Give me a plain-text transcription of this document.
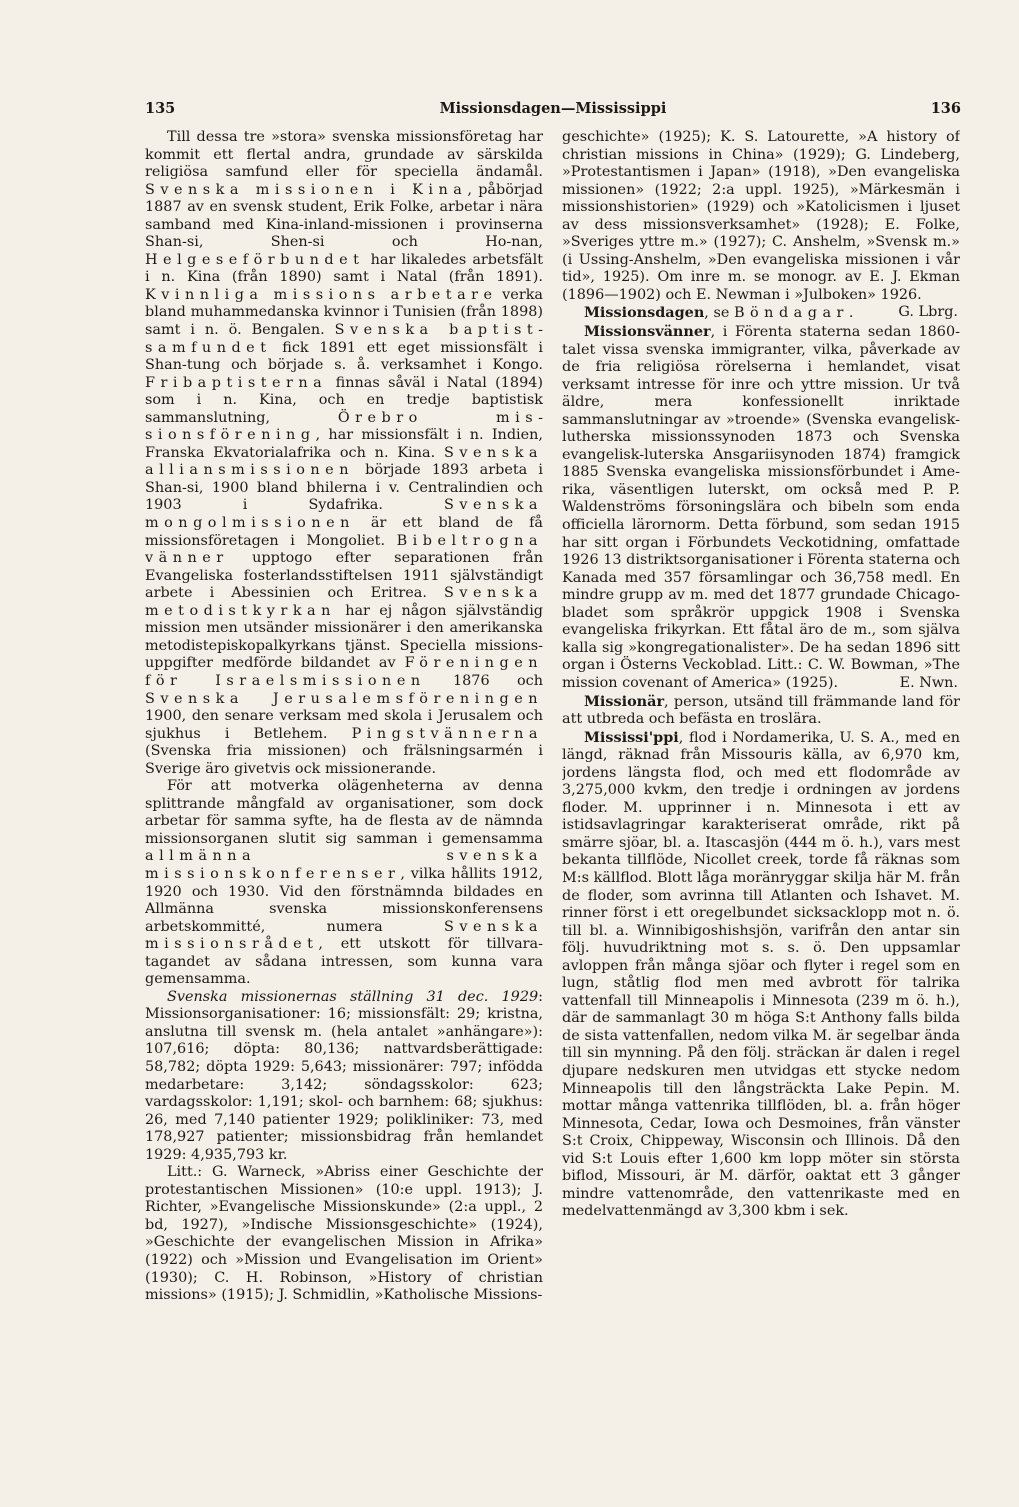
135	Missionsdagen—Mississippi	136

Till dessa tre »stora» svenska missionsföretag har kommit ett flertal andra, grundade av särskilda religiösa samfund eller för speciella ändamål. Svenska missionen i Kina, påbörjad 1887 av en svensk student, Erik Folke, arbetar i nära samband med Kina-inland-missionen i provinserna Shan-si, Shen-si och Ho-nan, Helgeseförbundet har likaledes arbetsfält i n. Kina (från 1890) samt i Natal (från 1891). Kvinnliga missions arbetare verka bland muhammedanska kvinnor i Tunisien (från 1898) samt i n. ö. Bengalen. Svenska baptistsamfundet fick 1891 ett eget missionsfält i Shan-tung och började s. å. verksamhet i Kongo. Fribaptisterna finnas såväl i Natal (1894) som i n. Kina, och en tredje baptistisk sammanslutning,	Örebro missionsförening, har missionsfält i n. Indien, Franska Ekvatorialafrika och n. Kina. Svenska alliansmissionen började 1893 arbeta i Shan-si, 1900 bland bhilerna i v. Centralindien och 1903 i Sydafrika.	Svenska mongolmissionen är ett bland de få missionsföretagen i Mongoliet. Bibeltrogna vänner upptogo efter separationen från Evangeliska fosterlandsstiftelsen 1911 självständigt arbete i Abessinien och Eritrea. Svenska metodistkyrkan har ej någon självständig mission men utsänder missionärer i den amerikanska metodistepiskopalkyrkans tjänst. Speciella missionsuppgifter medförde bildandet av Föreningen för Israelsmissionen 1876 och Svenska Jerusalemsföreningen 1900, den senare verksam med skola i Jerusalem och sjukhus i Betlehem. Pingstvännerna (Svenska fria missionen) och frälsningsarmén i Sverige äro givetvis ock missionerande.

För att motverka olägenheterna av denna splittrande mångfald av organisationer, som dock arbetar för samma syfte, ha de flesta av de nämnda missionsorganen slutit sig samman i gemensamma allmänna svenska missionskonferenser, vilka hållits 1912, 1920 och 1930. Vid den förstnämnda bildades en Allmänna svenska missionskonferensens arbetskommitté, numera	Svenska missionsrådet, ett utskott för tillvaratagandet av sådana intressen, som kunna vara gemensamma.

Svenska missionernas ställning 31 dec. 1929: Missionsorganisationer: 16; missionsfält: 29; kristna, anslutna till svensk m. (hela antalet »anhängare»): 107,616; döpta: 80,136; nattvardsberättigade: 58,782; döpta 1929: 5,643; missionärer: 797; infödda medarbetare: 3,142; söndagsskolor: 623; vardagsskolor: 1,191; skol- och barnhem: 68; sjukhus: 26, med 7,140 patienter 1929; polikliniker: 73, med 178,927 patienter; missionsbidrag från hemlandet 1929: 4,935,793 kr.

Litt.: G. Warneck, »Abriss einer Geschichte der protestantischen Missionen» (10:e uppl. 1913); J. Richter, »Evangelische Missionskunde» (2:a uppl., 2 bd, 1927), »Indische Missionsgeschichte» (1924), »Geschichte der evangelischen Mission in Afrika» (1922) och »Mission und Evangelisation im Orient» (1930); C. H. Robinson, »History of christian missions» (1915); J. Schmidlin, »Katholische Missions-

geschichte» (1925); K. S. Latourette, »A history of christian missions in China» (1929); G. Lindeberg, »Protestantismen i Japan» (1918), »Den evangeliska missionen» (1922; 2:a uppl. 1925), »Märkesmän i missionshistorien» (1929) och »Katolicismen i ljuset av dess missionsverksamhet» (1928); E. Folke, »Sveriges yttre m.» (1927); C. Anshelm, »Svensk m.» (i Ussing-Anshelm, »Den evangeliska missionen i vår tid», 1925). Om inre m. se monogr. av E. J. Ekman (1896—1902) och E. Newman i »Julboken» 1926.
G. Lbrg.

Missionsdagen, se Böndagar.

Missionsvänner, i Förenta staterna sedan 1860-talet vissa svenska immigranter, vilka, påverkade av de fria religiösa rörelserna i hemlandet, visat verksamt intresse för inre och yttre mission. Ur två äldre, mera konfessionellt inriktade sammanslutningar av »troende» (Svenska evangelisk-lutherska missionssynoden 1873 och Svenska evangelisk-luterska Ansgariisynoden 1874) framgick 1885 Svenska evangeliska missionsförbundet i Amerika, väsentligen luterskt, om också med P. P. Waldenströms försoningslära och bibeln som enda officiella lärornorm. Detta förbund, som sedan 1915 har sitt organ i Förbundets Veckotidning, omfattade 1926 13 distriktsorganisationer i Förenta staterna och Kanada med 357 församlingar och 36,758 medl. En mindre grupp av m. med det 1877 grundade Chicago-bladet som språkrör uppgick 1908 i Svenska evangeliska frikyrkan. Ett fåtal äro de m., som själva kalla sig »kongregationalister». De ha sedan 1896 sitt organ i Österns Veckoblad. Litt.: C. W. Bowman, »The mission covenant of America» (1925).	E. Nwn.

Missionär, person, utsänd till främmande land för att utbreda och befästa en troslära.

Mississi'ppi, flod i Nordamerika, U. S. A., med en längd, räknad från Missouris källa, av 6,970 km, jordens längsta flod, och med ett flodområde av 3,275,000 kvkm, den tredje i ordningen av jordens floder. M. upprinner i n. Minnesota i ett av istidsavlagringar karakteriserat område, rikt på smärre sjöar, bl. a. Itascasjön (444 m ö. h.), vars mest bekanta tillflöde, Nicollet creek, torde få räknas som M:s källflod. Blott låga moränryggar skilja här M. från de floder, som avrinna till Atlanten och Ishavet. M. rinner först i ett oregelbundet sicksacklopp mot n. ö. till bl. a. Winnibigoshishsjön, varifrån den antar sin följ. huvudriktning mot s. s. ö. Den uppsamlar avloppen från många sjöar och flyter i regel som en lugn, ståtlig flod men med avbrott för talrika vattenfall till Minneapolis i Minnesota (239 m ö. h.), där de sammanlagt 30 m höga S:t Anthony falls bilda de sista vattenfallen, nedom vilka M. är segelbar ända till sin mynning. På den följ. sträckan är dalen i regel djupare nedskuren men utvidgas ett stycke nedom Minneapolis till den långsträckta Lake Pepin. M. mottar många vattenrika tillflöden, bl. a. från höger Minnesota, Cedar, Iowa och Desmoines, från vänster S:t Croix, Chippeway, Wisconsin och Illinois. Då den vid S:t Louis efter 1,600 km lopp möter sin största biflod, Missouri, är M. därför, oaktat ett 3 gånger mindre vattenområde, den vattenrikaste med en medelvattenmängd av 3,300 kbm i sek.
